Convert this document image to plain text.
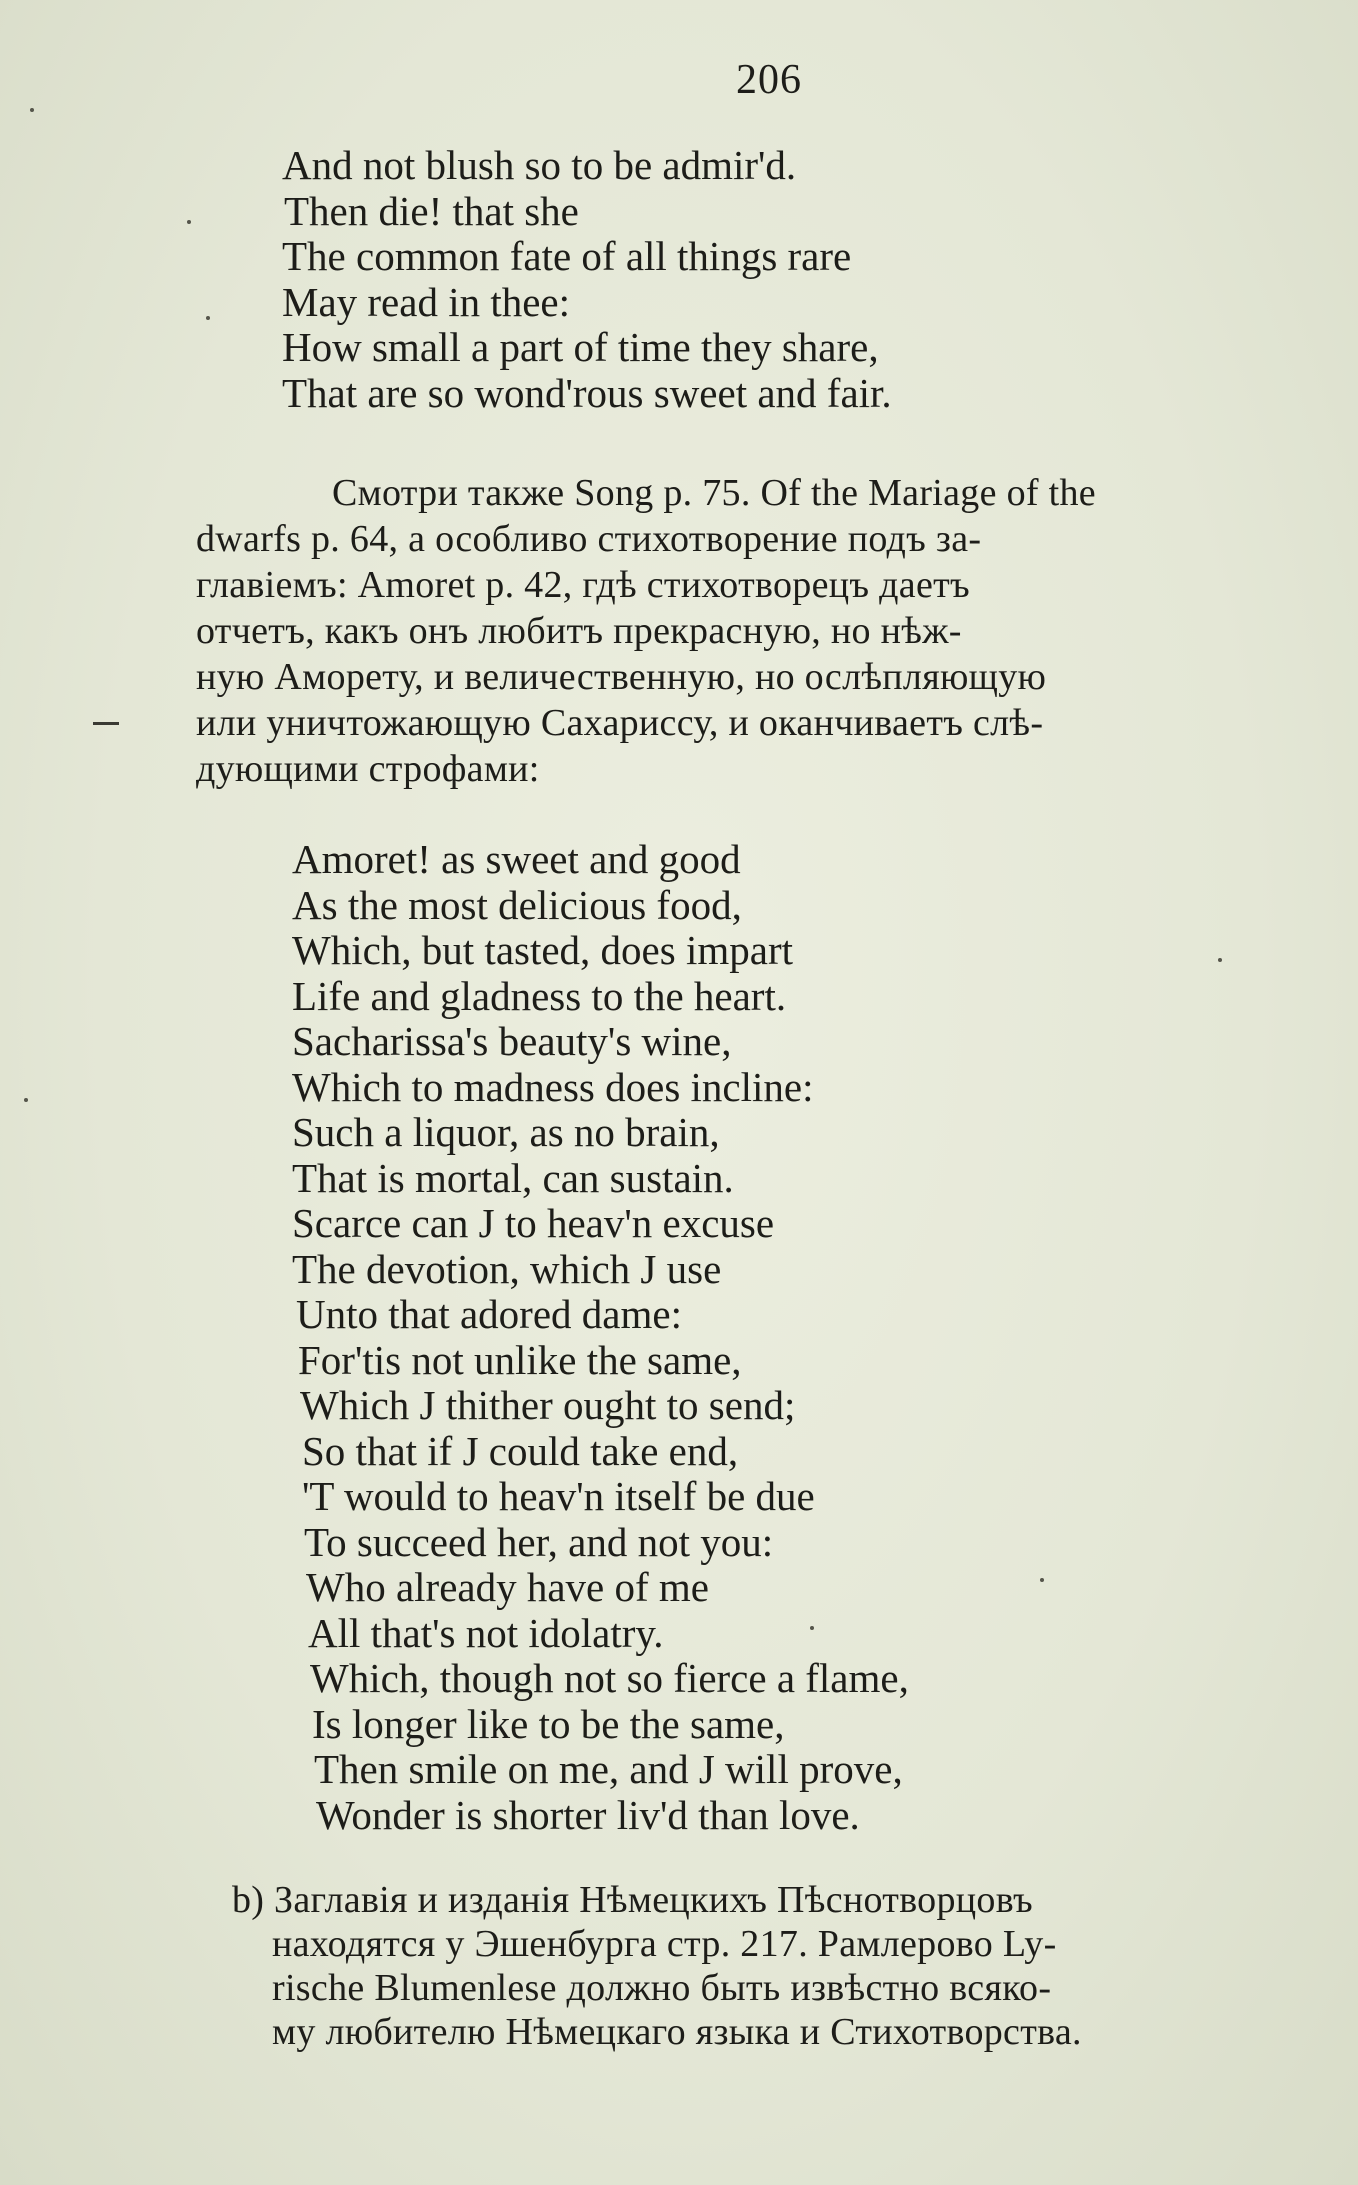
206
And not blush so to be admir'd.
Then die! that she
The common fate of all things rare
May read in thee:
How small a part of time they share,
That are so wond'rous sweet and fair.
Смотри также Song p. 75. Of the Mariage of the
dwarfs p. 64, а особливо стихотворение подъ за-
главіемъ: Amoret p. 42, гдѣ стихотворецъ даетъ
отчетъ, какъ онъ любитъ прекрасную, но нѣж-
ную Аморету, и величественную, но ослѣпляющую
или уничтожающую Сахариссу, и оканчиваетъ слѣ-
дующими строфами:
Amoret! as sweet and good
As the most delicious food,
Which, but tasted, does impart
Life and gladness to the heart.
Sacharissa's beauty's wine,
Which to madness does incline:
Such a liquor, as no brain,
That is mortal, can sustain.
Scarce can J to heav'n excuse
The devotion, which J use
Unto that adored dame:
For'tis not unlike the same,
Which J thither ought to send;
So that if J could take end,
'T would to heav'n itself be due
To succeed her, and not you:
Who already have of me
All that's not idolatry.
Which, though not so fierce a flame,
Is longer like to be the same,
Then smile on me, and J will prove,
Wonder is shorter liv'd than love.
b) Заглавія и изданія Нѣмецкихъ Пѣснотворцовъ
находятся у Эшенбурга стр. 217. Рамлерово Ly-
rische Blumenlese должно быть извѣстно всяко-
му любителю Нѣмецкаго языка и Стихотворства.
